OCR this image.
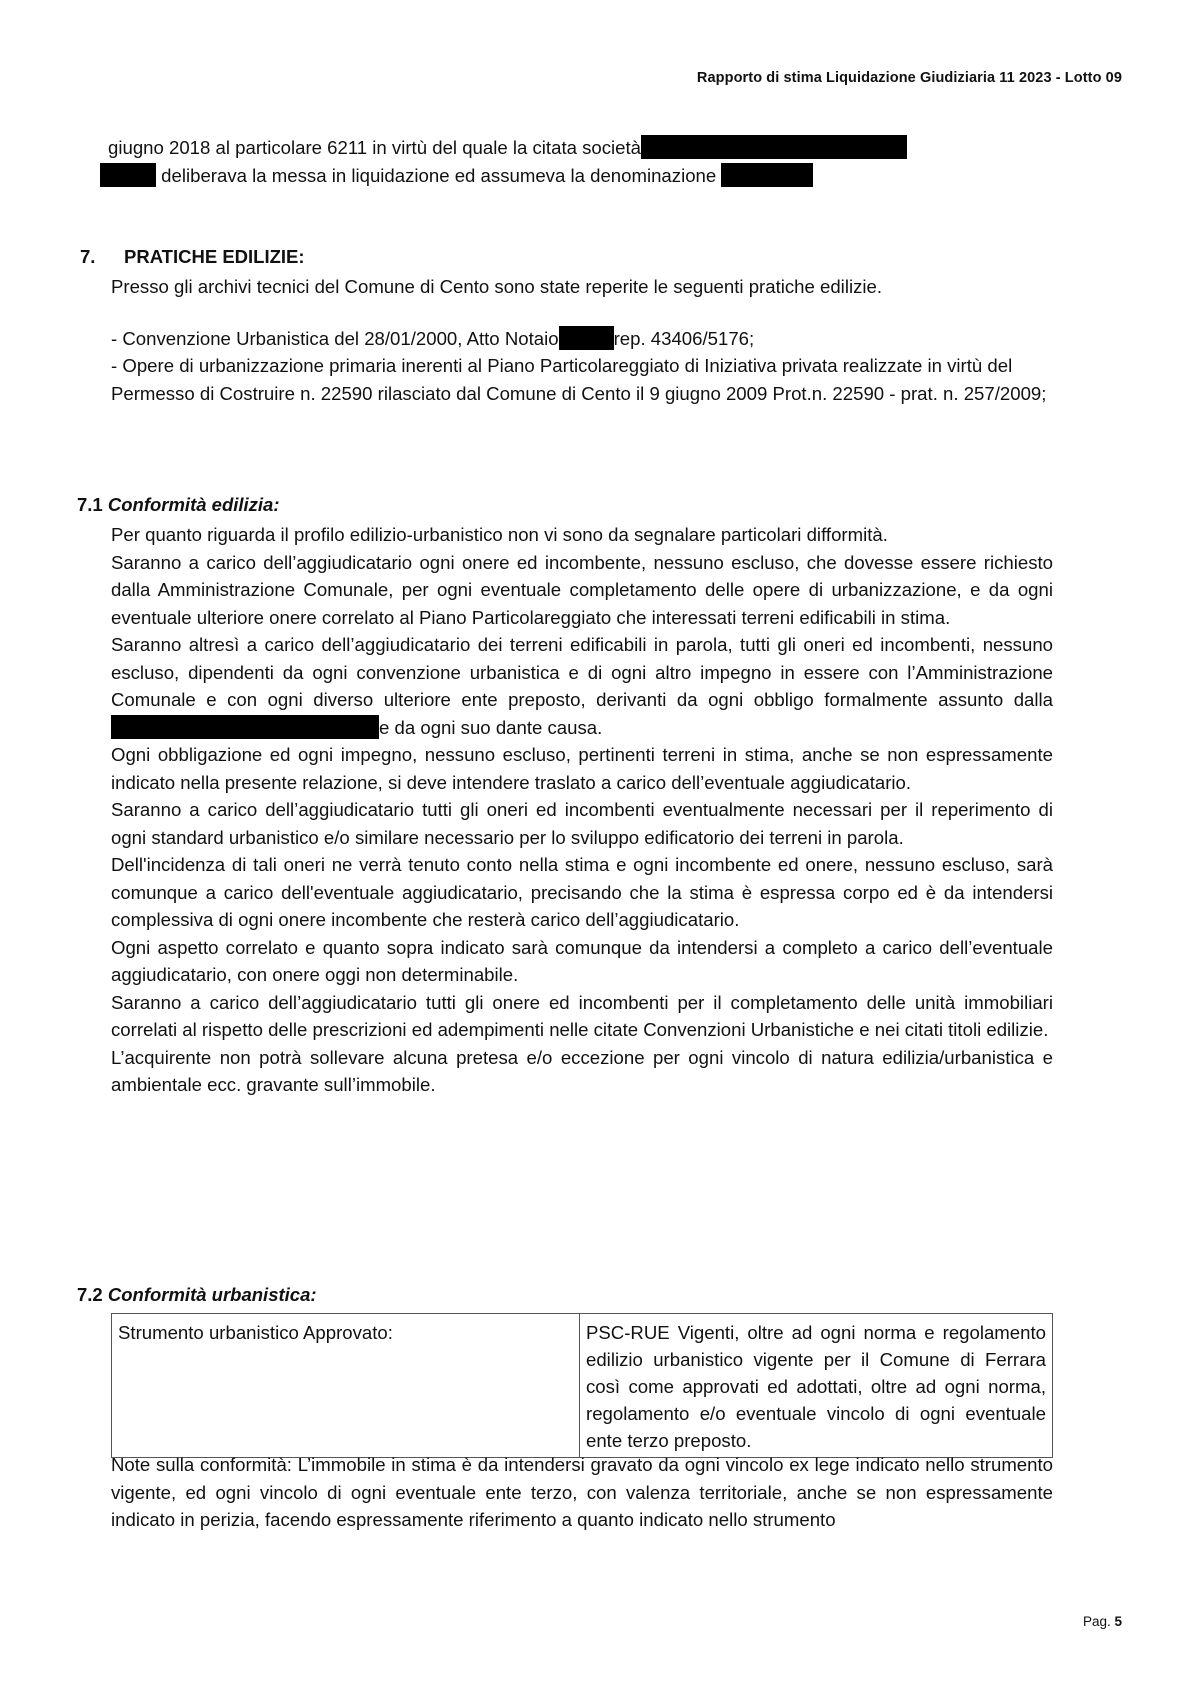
Rapporto di stima Liquidazione Giudiziaria 11 2023 - Lotto 09
giugno 2018 al particolare 6211 in virtù del quale la citata società
deliberava la messa in liquidazione ed assumeva la denominazione
7. PRATICHE EDILIZIE:

Presso gli archivi tecnici del Comune di Cento sono state reperite le seguenti pratiche edilizie.

- Convenzione Urbanistica del 28/01/2000, Atto Notaio	rep. 43406/5176;

- Opere di urbanizzazione primaria inerenti al Piano Particolareggiato di Iniziativa privata realizzate in virtù del Permesso di Costruire n. 22590 rilasciato dal Comune di Cento il 9 giugno 2009 Prot.n. 22590 - prat. n. 257/2009;

7.1 Conformità edilizia:

Per quanto riguarda il profilo edilizio-urbanistico non vi sono da segnalare particolari difformità.

Saranno a carico dell’aggiudicatario ogni onere ed incombente, nessuno escluso, che dovesse essere richiesto dalla Amministrazione Comunale, per ogni eventuale completamento delle opere di urbanizzazione, e da ogni eventuale ulteriore onere correlato al Piano Particolareggiato che interessati terreni edificabili in stima.

Saranno altresì a carico dell’aggiudicatario dei terreni edificabili in parola, tutti gli oneri ed incombenti, nessuno escluso, dipendenti da ogni convenzione urbanistica e di ogni altro impegno in essere con l’Amministrazione Comunale e con ogni diverso ulteriore ente preposto, derivanti da ogni obbligo formalmente assunto dallae da ogni suo dante causa.

Ogni obbligazione ed ogni impegno, nessuno escluso, pertinenti terreni in stima, anche se non espressamente indicato nella presente relazione, si deve intendere traslato a carico dell’eventuale aggiudicatario.

Saranno a carico dell’aggiudicatario tutti gli oneri ed incombenti eventualmente necessari per il reperimento di ogni standard urbanistico e/o similare necessario per lo sviluppo edificatorio dei terreni in parola.

Dell'incidenza di tali oneri ne verrà tenuto conto nella stima e ogni incombente ed onere, nessuno escluso, sarà comunque a carico dell'eventuale aggiudicatario, precisando che la stima è espressa corpo ed è da intendersi complessiva di ogni onere incombente che resterà carico dell’aggiudicatario.

Ogni aspetto correlato e quanto sopra indicato sarà comunque da intendersi a completo a carico dell’eventuale aggiudicatario, con onere oggi non determinabile.

Saranno a carico dell’aggiudicatario tutti gli onere ed incombenti per il completamento delle unità immobiliari correlati al rispetto delle prescrizioni ed adempimenti nelle citate Convenzioni Urbanistiche e nei citati titoli edilizie.

L’acquirente non potrà sollevare alcuna pretesa e/o eccezione per ogni vincolo di natura edilizia/urbanistica e ambientale ecc. gravante sull’immobile.

7.2 Conformità urbanistica:
Strumento urbanistico Approvato:	PSC-RUE Vigenti, oltre ad ogni norma e regolamento edilizio urbanistico vigente per il Comune di Ferrara così come approvati ed adottati, oltre ad ogni norma, regolamento e/o eventuale vincolo di ogni eventuale ente terzo preposto.

Note sulla conformità: L’immobile in stima è da intendersi gravato da ogni vincolo ex lege indicato nello strumento vigente, ed ogni vincolo di ogni eventuale ente terzo, con valenza territoriale, anche se non espressamente indicato in perizia, facendo espressamente riferimento a quanto indicato nello strumento

Pag. 5
